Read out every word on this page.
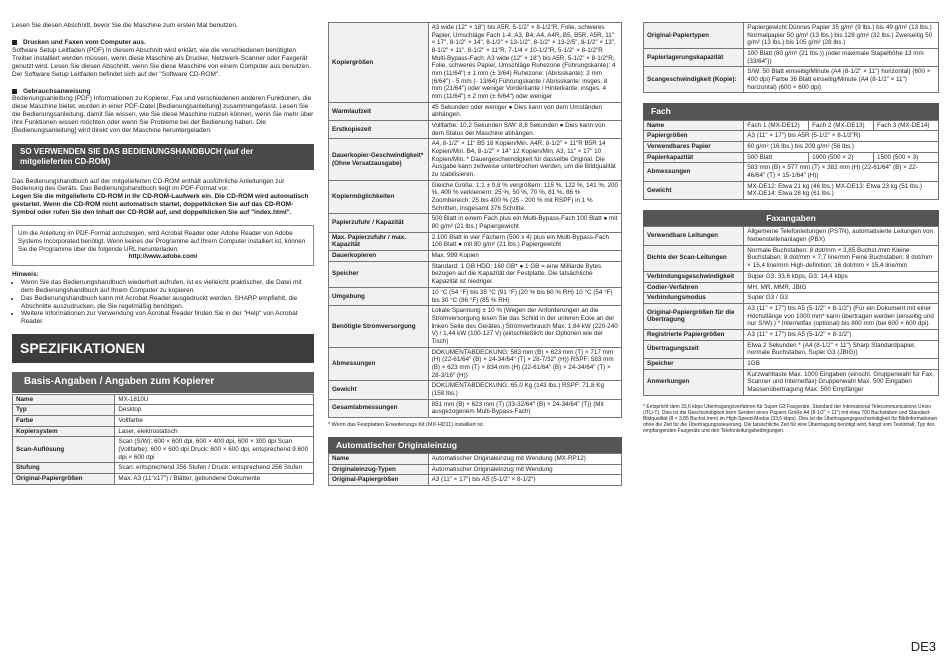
Lesen Sie diesen Abschnitt, bevor Sie die Maschine zum ersten Mal benutzen.

Drucken und Faxen vom Computer aus.

Software Setup Leitfaden (PDF) In diesem Abschnitt wird erklärt, wie die verschiedenen benötigten Treiber installiert werden müssen, wenn diese Maschine als Drucker, Netzwerk-Scanner oder Faxgerät genutzt wird. Lesen Sie diesen Abschnitt, wenn Sie diese Maschine von einem Computer aus benutzen. Der Software Setup Leitfaden befindet sich auf der "Software CD-ROM".

Gebrauchsanweisung

Bedienungsanleitung (PDF) Informationen zu Kopierer, Fax und verschiedenen anderen Funktionen, die diese Maschine bietet, wurden in einer PDF-Datei [Bedienungsanleitung] zusammengefasst. Lesen Sie die Bedienungsanleitung, damit Sie wissen, wie Sie diese Maschine nutzen können, wenn Sie mehr über ihre Funktionen wissen möchten oder wenn Sie Probleme bei der Bedienung haben. Die [Bedienungsanleitung] wird direkt von der Maschine heruntergeladen.

SO VERWENDEN SIE DAS BEDIENUNGSHANDBUCH (auf der mitgelieferten CD-ROM)

Das Bedienungshandbuch auf der mitgelieferten CD-ROM enthält ausführliche Anleitungen zur Bedienung des Geräts. Das Bedienungshandbuch liegt im PDF-Format vor.

Legen Sie die mitgelieferte CD-ROM in Ihr CD-ROM-Laufwerk ein. Die CD-ROM wird automatisch gestartet. Wenn die CD-ROM nicht automatisch startet, doppelklicken Sie auf das CD-ROM-Symbol oder rufen Sie den Inhalt der CD-ROM auf, und doppelklicken Sie auf "index.html".

Um die Anleitung im PDF-Format anzuzeigen, wird Acrobat Reader oder Adobe Reader von Adobe Systems Incorporated benötigt. Wenn keines der Programme auf Ihrem Computer installiert ist, können Sie die Programme über die folgende URL herunterladen:

http://www.adobe.com/

Hinweis:

• Wenn Sie das Bedienungshandbuch wiederholt aufrufen, ist es vielleicht praktischer, die Datei mit dem Bedienungshandbuch auf Ihrem Computer zu kopieren.
• Das Bedienungshandbuch kann mit Acrobat Reader ausgedruckt werden. SHARP empfiehlt, die Abschnitte auszudrucken, die Sie regelmäßig benötigen.
• Weitere Informationen zur Verwendung von Acrobat Reader finden Sie in der "Help" von Acrobat Reader.
SPEZIFIKATIONEN
Basis-Angaben / Angaben zum Kopierer
Name	MX-1810U
Typ	Desktop
Farbe	Vollfarbe
Kopiersystem	Laser, elektrostatisch
Scan-Auflösung	Scan (S/W): 600 × 600 dpi, 600 × 400 dpi, 600 × 300 dpi Scan (Vollfarbe): 600 × 600 dpi Druck: 600 × 600 dpi, entsprechend 9.600 dpi × 600 dpi
Stufung	Scan: entsprechend 256 Stufen / Druck: entsprechend 256 Stufen
Original-Papiergrößen	Max. A3 (11"x17") / Blätter, gebundene Dokumente
Kopiergrößen	A3 wide (12" × 18") bis A5R, 5-1/2" × 8-1/2"R, Folie, schweres Papier, Umschläge Fach 1-4: A3, B4, A4, A4R, B5, B5R, A5R, 11" × 17", 8-1/2" × 14", 8-1/2" × 13-1/2", 8-1/2" × 13-2/5", 8-1/2" × 13", 8-1/2" × 11", 8-1/2" × 11"R, 7-1/4 × 10-1/2"R, 5-1/2" × 8-1/2"R Multi-Bypass-Fach: A3 wide (12" × 18") bis A5R, 5-1/2" × 8-1/2"R, Folie, schweres Papier, Umschläge Ruhezone (Führungskante): 4 mm (11/64") ± 1 mm (± 3/64) Ruhezone: (Abrisskante): 2 mm (6/64") - 5 mm (- 13/64) Führungskante / Abrisskante: insges. 8 mm (21/64") oder weniger Vorderkante / Hinterkante: insges. 4 mm (11/64") ± 2 mm (± 6/64") oder weniger
Warmlaufzeit	45 Sekunden oder weniger ● Dies kann von dem Umständen abhängen.
Erstkopiezeit	Vollfarbe: 10,2 Sekunden S/W: 8,8 Sekunden ● Dies kann von dem Status der Maschine abhängen.
Dauerkopier-Geschwindigkeit* (Ohne Versatzausgabe)	A4, 8-1/2" × 11" B5 18 Kopien/Min. A4R, 8-1/2" × 11"R B5R 14 Kopien/Min. B4, 8-1/2" × 14" 12 Kopien/Min. A3, 11" × 17" 10 Kopien/Min. * Dauergeschwindigkeit für dasselbe Original. Die Ausgabe kann zeitweise unterbrochen werden, um die Bildqualität zu stabilisieren.
Kopiermöglichkeiten	Gleiche Größe: 1:1 ± 0,8 % vergrößern: 115 %, 122 %, 141 %, 200 %, 400 % verkleinern: 25 %, 50 %, 70 %, 81 %, 86 % Zoombereich: 25 bis 400 % (25 - 200 % mit RSPF) in 1 % Schritten, insgesamt 376 Schritte.
Papierzufuhr / Kapazität	500 Blatt in einem Fach plus ein Multi-Bypass-Fach 100 Blatt ● mit 80 g/m² (21 lbs.) Papiergewicht
Max. Papierzufuhr / max. Kapazität	2.100 Blatt in vier Fächern (500 x 4) plus ein Multi-Bypass-Fach 100 Blatt ● mit 80 g/m² (21 lbs.) Papiergewicht
Dauerkopieren	Max. 999 Kopien
Speicher	Standard: 1 GB HDD: 160 GB* ● 1 GB = eine Milliarde Bytes bezogen auf die Kapazität der Festplatte. Die tatsächliche Kapazität ist niedriger.
Umgebung	10 °C (54 °F) bis 35 °C (91 °F) (20 % bis 60 % RH) 10 °C (54 °F) bis 30 °C (86 °F) (85 % RH)
Benötigte Stromversorgung	Lokale Spannung ± 10 % (Wegen der Anforderungen an die Stromversorgung lesen Sie das Schild in der unteren Ecke an der linken Seite des Gerätes.) Stromverbrauch Max. 1,84 kW (220-240 V) / 1,44 kW (100-127 V) (einschließlich der Optionen wie der Tisch)
Abmessungen	DOKUMENTABDECKUNG: 583 mm (B) × 623 mm (T) × 717 mm (H) (22-61/64" (B) × 24-34/64" (T) × 28-7/32" (H)) RSPF: 583 mm (B) × 623 mm (T) × 834 mm (H) (22-61/64" (B) × 24-34/64" (T) × 28-3/16" (H))
Gewicht	DOKUMENTABDECKUNG: 65,0 Kg (143 lbs.) RSPF: 71,8 Kg (158 lbs.)
Gesamtabmessungen	851 mm (B) × 623 mm (T) (33-32/64" (B) × 24-34/64" (T)) (Mit ausgezogenem Multi-Bypass-Fach)

* Wenn das Festplatten Erweiterungs Kit (MX-HD11) installiert ist.

Automatischer Originaleinzug
Name	Automatischer Originaleinzug mit Wendung (MX-RP12)
Originaleinzug-Typen	Automatischer Originaleinzug mit Wendung
Original-Papiergrößen	A3 (11" × 17") bis A5 (5-1/2" × 8-1/2")
Original-Papiertypen	Papiergewicht Dünnes Papier 35 g/m² (9 lbs.) bis 49 g/m² (13 lbs.) Normalpapier 50 g/m² (13 lbs.) bis 128 g/m² (32 lbs.) Zweiseitig 50 g/m² (13 lbs.) bis 105 g/m² (28 lbs.)
Papierlagerungskapazität	100 Blatt (80 g/m² (21 lbs.)) (oder maximale Stapelhöhe 13 mm (33/64"))
Scangeschwindigkeit (Kopie):	S/W: 50 Blatt einseitig/Minute (A4 (8-1/2" × 11") horizontal) (600 × 400 dpi) Farbe 36 Blatt einseitig/Minute (A4 (8-1/2" × 11") horizontal) (600 × 600 dpi)
Fach
Name	Fach 1 (MX-DE12)	Fach 2 (MX-DE13)	Fach 3 (MX-DE14)
Papiergrößen	A3 (11" × 17") bis A5R (5-1/2" × 8-1/2"R)		
Verwendbares Papier	60 g/m² (16 lbs.) bis 209 g/m² (56 lbs.)		
Papierkapazität	500 Blatt	1000 (500 × 2)	1500 (500 × 3)
Abmessungen	583 mm (B) × 577 mm (T) × 382 mm (H) (22-61/64" (B) × 22-46/64" (T) × 15-1/64" (H))		
Gewicht	MX-DE12: Etwa 21 kg (46 lbs.) MX-DE13: Etwa 23 kg (51 lbs.) MX-DE14: Etwa 28 kg (61 lbs.)		
Faxangaben
Verwendbare Leitungen	Allgemeine Telefonleitungen (PSTN), automatisierte Leitungen von Nebenstellenanlagen (PBX)
Dichte der Scan-Leitungen	Normale Buchstaben: 8 dot/mm × 3,85 Buchst./mm Kleine Buchstaben: 8 dot/mm × 7,7 line/mm Feine Buchstaben: 8 dot/mm × 15,4 line/mm High-definition: 16 dot/mm × 15,4 line/mm
Verbindungsgeschwindigkeit	Super G3: 33,6 kbps, G3: 14,4 kbps
Codier-Verfahren	MH, MR, MMR, JBIG
Verbindungsmodus	Super G3 / G3
Original-Papiergrößen für die Übertragung	A3 (11" × 17") bis A5 (5-1/2" × 8-1/2") (Für ein Dokument mit einer Höchstlänge von 1000 mm* kann übertragen werden (einseitig und nur S/W).) * Internetfax (optional) bis 800 mm (bei 600 × 600 dpi).
Registrierte Papiergrößen	A3 (11" × 17") bis A5 (5-1/2" × 8-1/2")
Übertragungszeit	Etwa 2 Sekunden * (A4 (8-1/2" × 11") Sharp Standardpapier, normale Buchstaben, Super G3 (JBIG))
Speicher	1GB
Anmerkungen	Kurzwahltaste Max. 1000 Eingaben (einschl. Gruppenwahl für Fax, Scanner und Internetfax) Gruppenwahl Max. 500 Eingaben Massenübertragung Max. 500 Empfänger

* Entspricht dem 33,6 kbps Übertragungsverfahren für Super G3 Faxgeräte, Standard der International Telecommunications Union (ITU-T). Dies ist die Geschwindigkeit beim Senden eines Papiers Größe A4 (8-1/2" × 11") mit etwa 700 Buchstaben und Standard-Bildqualität (8 × 3,85 Buchst./mm) im High-Speed-Modus (33,6 kbps). Dies ist die Übertragungsgeschwindigkeit für Bildinformationen ohne die Zeit für die Übertragungssteuerung. Die tatsächliche Zeit für eine Übertragung benötigt wird, hängt vom Textinhalt, Typ des empfangenden Faxgeräts und den Telefonleitungsbedingungen.

DE3
